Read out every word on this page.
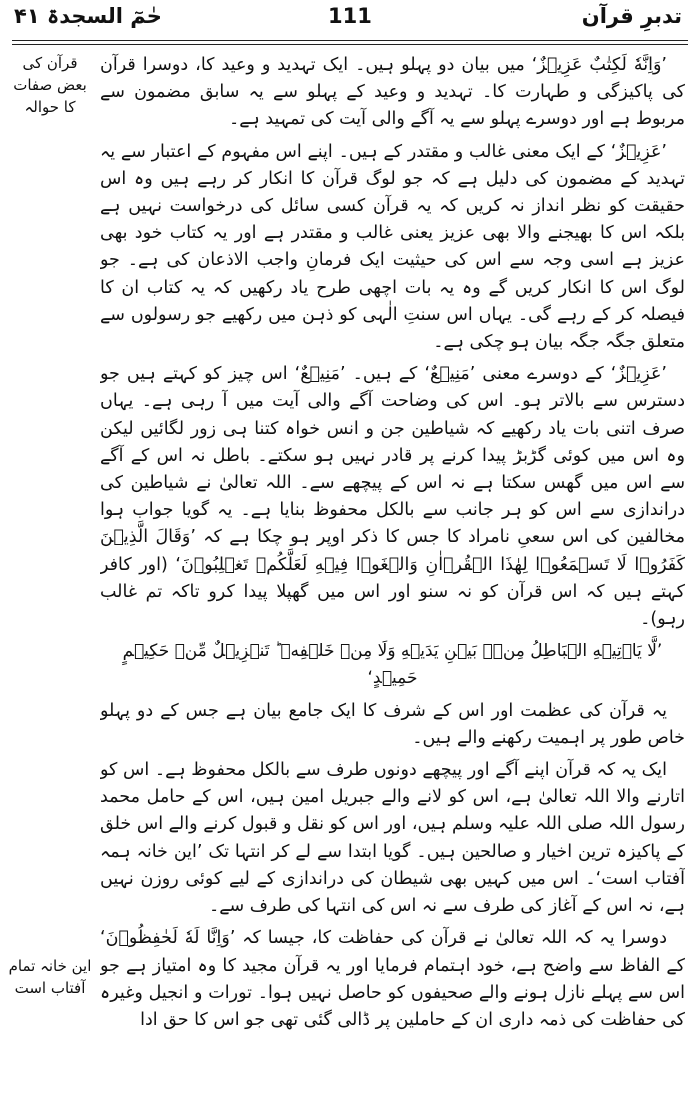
تدبرِ قرآن
111
حٰمٓ السجدۃ ۴۱
قرآن کی بعض صفات کا حوالہ
این خانہ تمام آفتاب است

’وَاِنَّهٗ لَكِتٰبٌ عَزِيۡزٌ‘ میں بیان دو پہلو ہیں۔ ایک تہدید و وعید کا، دوسرا قرآن کی پاکیزگی و طہارت کا۔ تہدید و وعید کے پہلو سے یہ سابق مضمون سے مربوط ہے اور دوسرے پہلو سے یہ آگے والی آیت کی تمہید ہے۔

’عَزِيۡزٌ‘ کے ایک معنی غالب و مقتدر کے ہیں۔ اپنے اس مفہوم کے اعتبار سے یہ تہدید کے مضمون کی دلیل ہے کہ جو لوگ قرآن کا انکار کر رہے ہیں وہ اس حقیقت کو نظر انداز نہ کریں کہ یہ قرآن کسی سائل کی درخواست نہیں ہے بلکہ اس کا بھیجنے والا بھی عزیز یعنی غالب و مقتدر ہے اور یہ کتاب خود بھی عزیز ہے اسی وجہ سے اس کی حیثیت ایک فرمانِ واجب الاذعان کی ہے۔ جو لوگ اس کا انکار کریں گے وہ یہ بات اچھی طرح یاد رکھیں کہ یہ کتاب ان کا فیصلہ کر کے رہے گی۔ یہاں اس سنتِ الٰہی کو ذہن میں رکھیے جو رسولوں سے متعلق جگہ جگہ بیان ہو چکی ہے۔

’عَزِيۡزٌ‘ کے دوسرے معنی ’مَنِيۡعٌ‘ کے ہیں۔ ’مَنِيۡعٌ‘ اس چیز کو کہتے ہیں جو دسترس سے بالاتر ہو۔ اس کی وضاحت آگے والی آیت میں آ رہی ہے۔ یہاں صرف اتنی بات یاد رکھیے کہ شیاطین جن و انس خواہ کتنا ہی زور لگائیں لیکن وہ اس میں کوئی گڑبڑ پیدا کرنے پر قادر نہیں ہو سکتے۔ باطل نہ اس کے آگے سے اس میں گھس سکتا ہے نہ اس کے پیچھے سے۔ اللہ تعالیٰ نے شیاطین کی دراندازی سے اس کو ہر جانب سے بالکل محفوظ بنایا ہے۔ یہ گویا جواب ہوا مخالفین کی اس سعیِ نامراد کا جس کا ذکر اوپر ہو چکا ہے کہ ’وَقَالَ الَّذِيۡنَ كَفَرُوۡا لَا تَسۡمَعُوۡا لِهٰذَا الۡقُرۡاٰنِ وَالۡغَوۡا فِيۡهِ لَعَلَّكُمۡ تَغۡلِبُوۡنَ‘ (اور کافر کہتے ہیں کہ اس قرآن کو نہ سنو اور اس میں گھپلا پیدا کرو تاکہ تم غالب رہو)۔

’لَّا يَاۡتِيۡهِ الۡبَاطِلُ مِنۡۢ بَيۡنِ يَدَيۡهِ وَلَا مِنۡ خَلۡفِهٖ‌ ؕ تَنۡزِيۡلٌ مِّنۡ حَكِيۡمٍ حَمِيۡدٍ‘

یہ قرآن کی عظمت اور اس کے شرف کا ایک جامع بیان ہے جس کے دو پہلو خاص طور پر اہمیت رکھنے والے ہیں۔

ایک یہ کہ قرآن اپنے آگے اور پیچھے دونوں طرف سے بالکل محفوظ ہے۔ اس کو اتارنے والا اللہ تعالیٰ ہے، اس کو لانے والے جبریل امین ہیں، اس کے حامل محمد رسول اللہ صلی اللہ علیہ وسلم ہیں، اور اس کو نقل و قبول کرنے والے اس خلق کے پاکیزہ ترین اخیار و صالحین ہیں۔ گویا ابتدا سے لے کر انتہا تک ’این خانہ ہمہ آفتاب است‘۔ اس میں کہیں بھی شیطان کی دراندازی کے لیے کوئی روزن نہیں ہے، نہ اس کے آغاز کی طرف سے نہ اس کی انتہا کی طرف سے۔

دوسرا یہ کہ اللہ تعالیٰ نے قرآن کی حفاظت کا، جیسا کہ ’وَاِنَّا لَهٗ لَحٰفِظُوۡنَ‘ کے الفاظ سے واضح ہے، خود اہتمام فرمایا اور یہ قرآن مجید کا وہ امتیاز ہے جو اس سے پہلے نازل ہونے والے صحیفوں کو حاصل نہیں ہوا۔ تورات و انجیل وغیرہ کی حفاظت کی ذمہ داری ان کے حاملین پر ڈالی گئی تھی جو اس کا حق ادا
